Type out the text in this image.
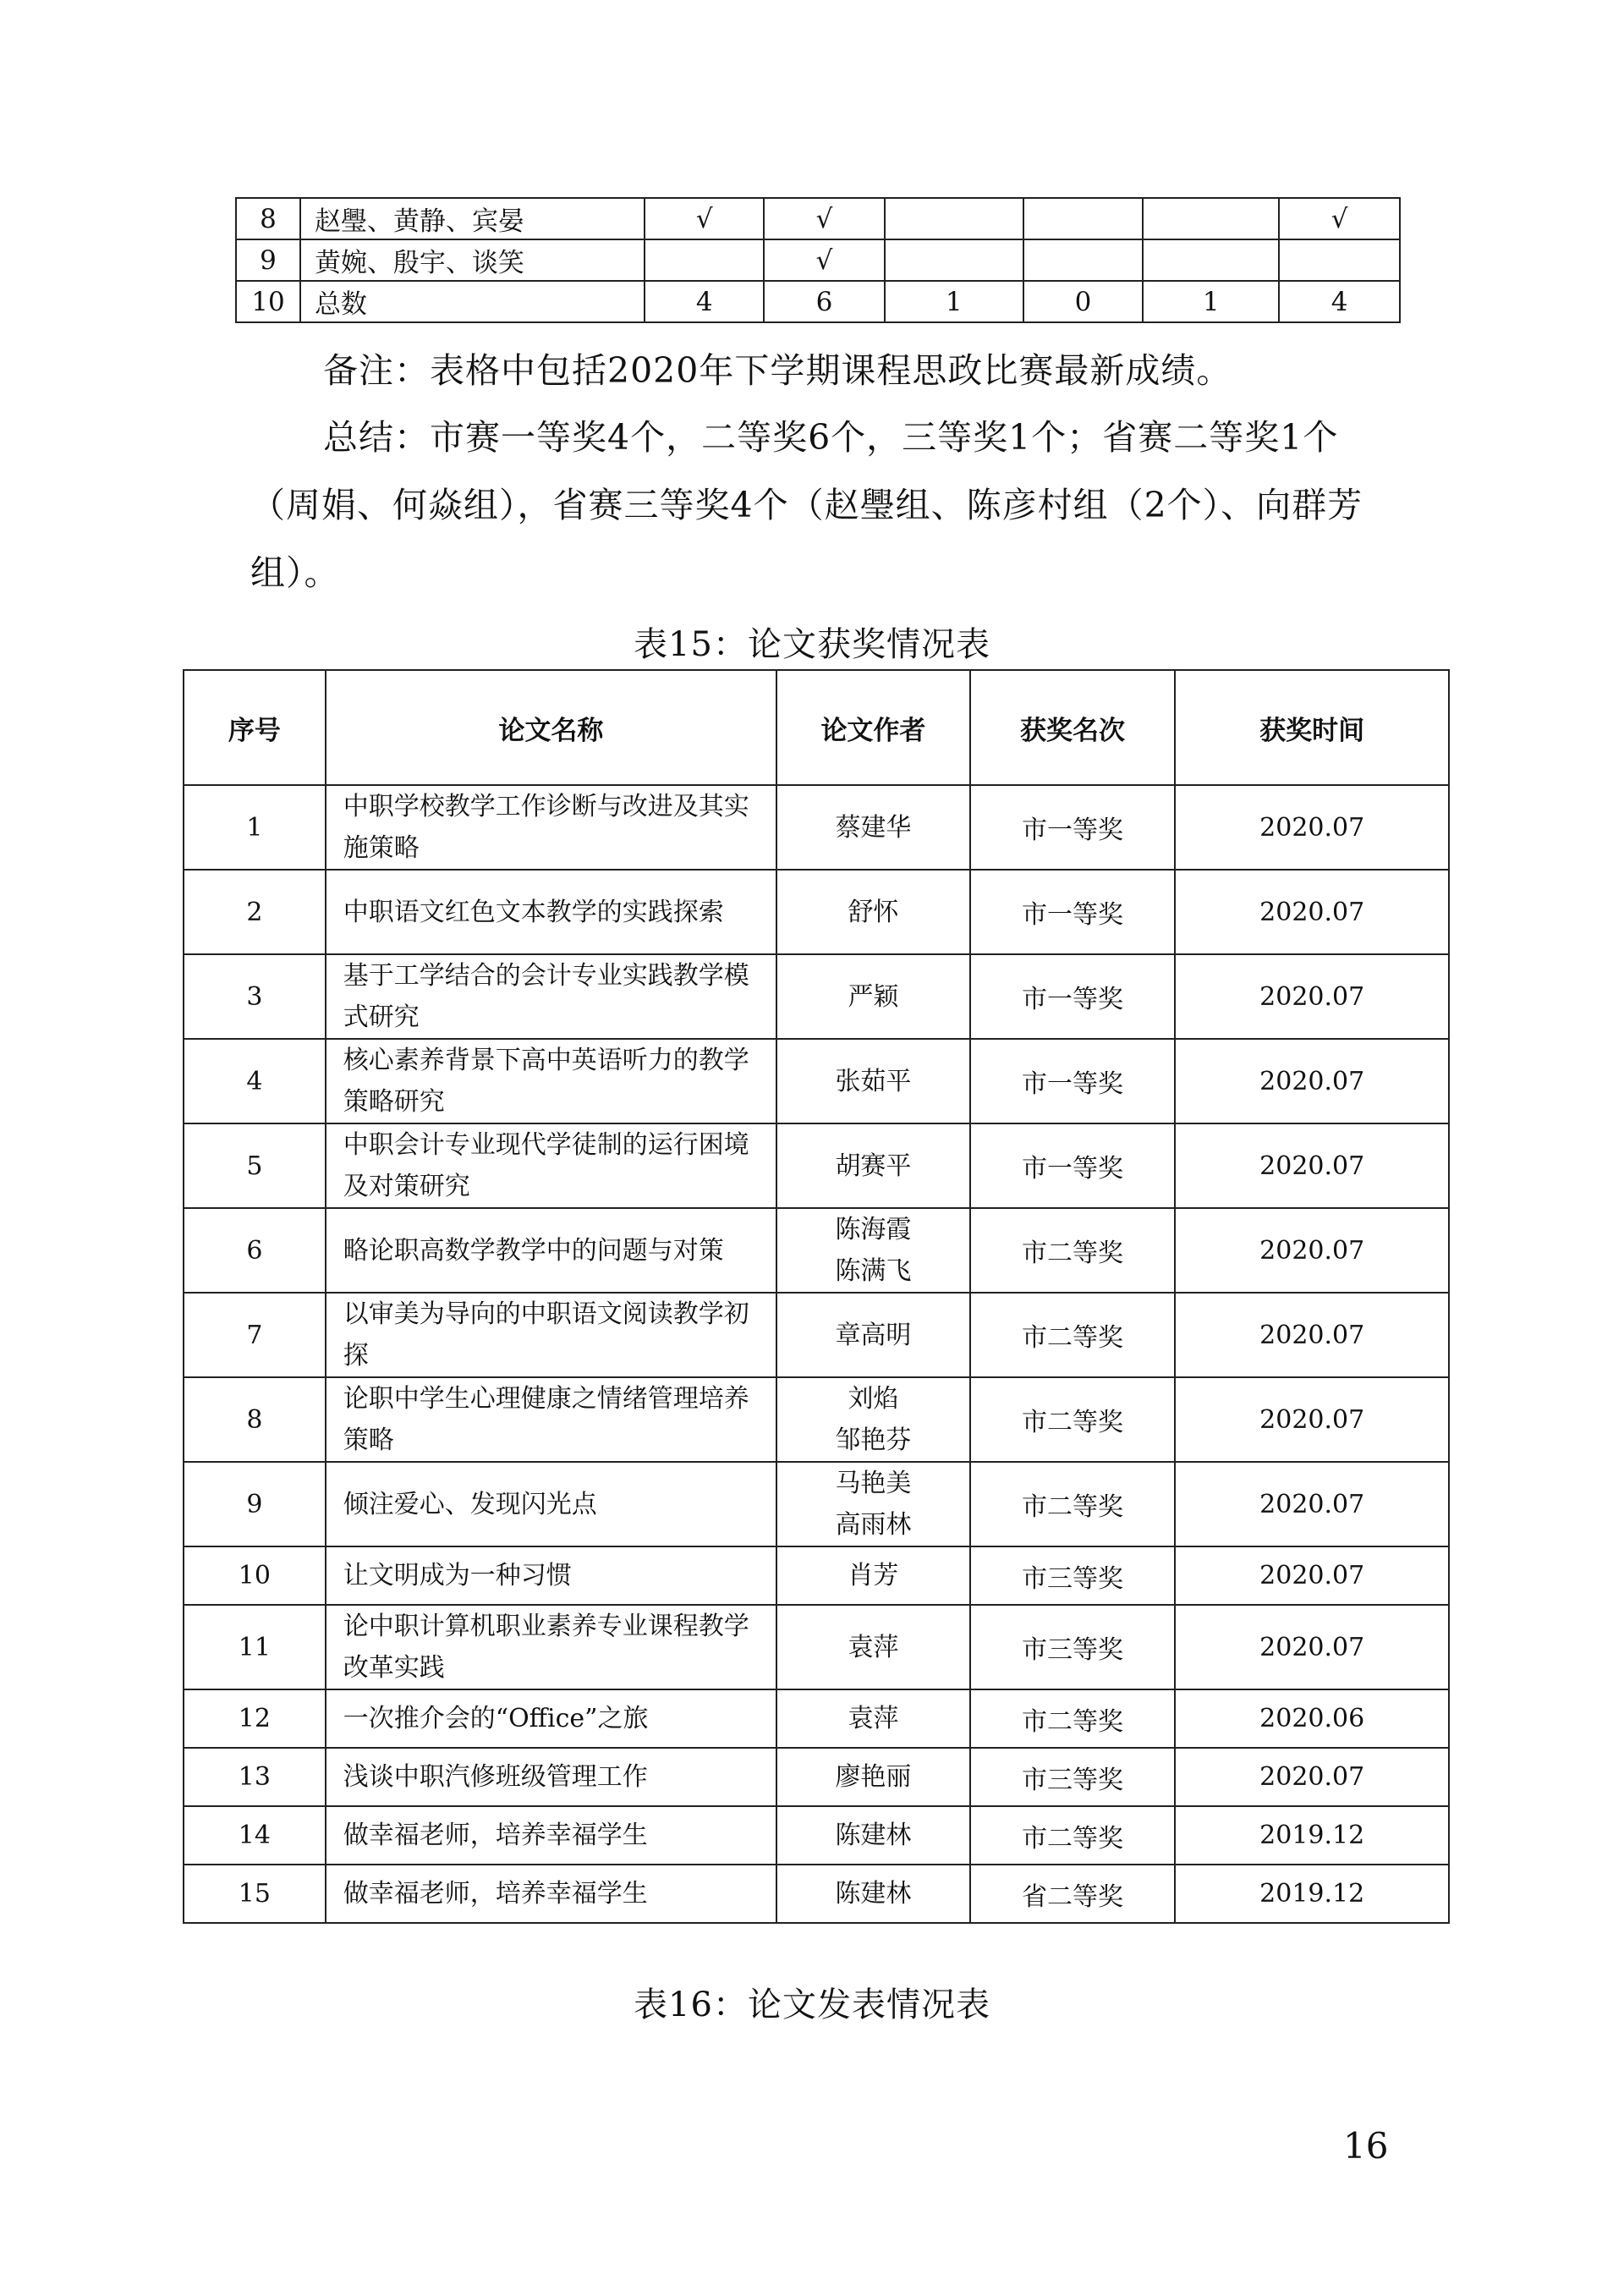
8	赵璺、黄静、宾晏	√	√				√
9	黄婉、殷宇、谈笑		√				
10	总数	4	6	1	0	1	4

备注：表格中包括2020年下学期课程思政比赛最新成绩。

总结：市赛一等奖4个，二等奖6个，三等奖1个；省赛二等奖1个（周娟、何焱组），省赛三等奖4个（赵璺组、陈彦村组（2个）、向群芳组）。

表15：论文获奖情况表
序号	论文名称	论文作者	获奖名次	获奖时间
1	中职学校教学工作诊断与改进及其实施策略	蔡建华	市一等奖	2020.07
2	中职语文红色文本教学的实践探索	舒怀	市一等奖	2020.07
3	基于工学结合的会计专业实践教学模式研究	严颖	市一等奖	2020.07
4	核心素养背景下高中英语听力的教学策略研究	张茹平	市一等奖	2020.07
5	中职会计专业现代学徒制的运行困境及对策研究	胡赛平	市一等奖	2020.07
6	略论职高数学教学中的问题与对策	陈海霞
陈满飞	市二等奖	2020.07
7	以审美为导向的中职语文阅读教学初探	章高明	市二等奖	2020.07
8	论职中学生心理健康之情绪管理培养策略	刘焰
邹艳芬	市二等奖	2020.07
9	倾注爱心、发现闪光点	马艳美
高雨林	市二等奖	2020.07
10	让文明成为一种习惯	肖芳	市三等奖	2020.07
11	论中职计算机职业素养专业课程教学改革实践	袁萍	市三等奖	2020.07
12	一次推介会的“Office”之旅	袁萍	市二等奖	2020.06
13	浅谈中职汽修班级管理工作	廖艳丽	市三等奖	2020.07
14	做幸福老师，培养幸福学生	陈建林	市二等奖	2019.12
15	做幸福老师，培养幸福学生	陈建林	省二等奖	2019.12
表16：论文发表情况表
16
